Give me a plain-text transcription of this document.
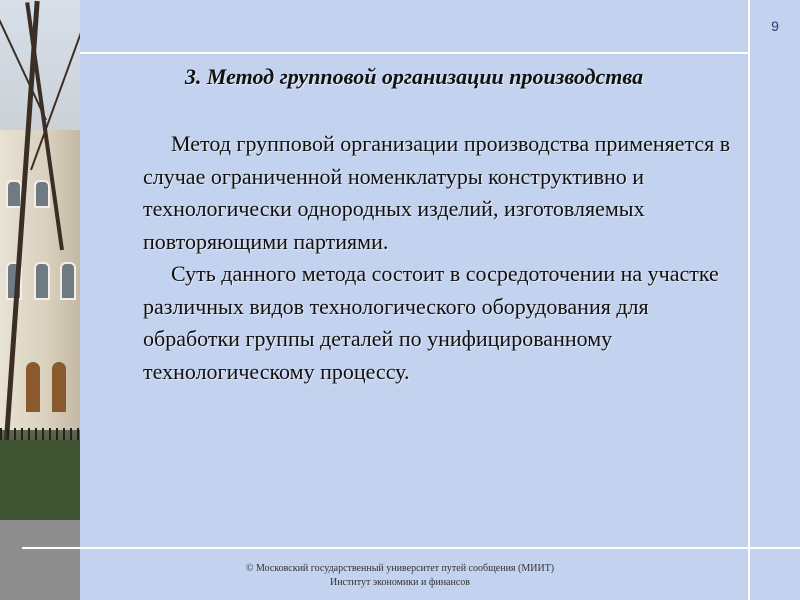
9
3. Метод групповой организации производства

Метод групповой организации производства применяется в случае ограниченной номенклатуры конструктивно и технологически однородных изделий, изготовляемых повторяющими партиями.

Суть данного метода состоит в сосредоточении на участке различных видов технологического оборудования для обработки группы деталей по унифицированному технологическому процессу.

© Московский государственный университет путей сообщения (МИИТ)
Институт экономики и финансов
